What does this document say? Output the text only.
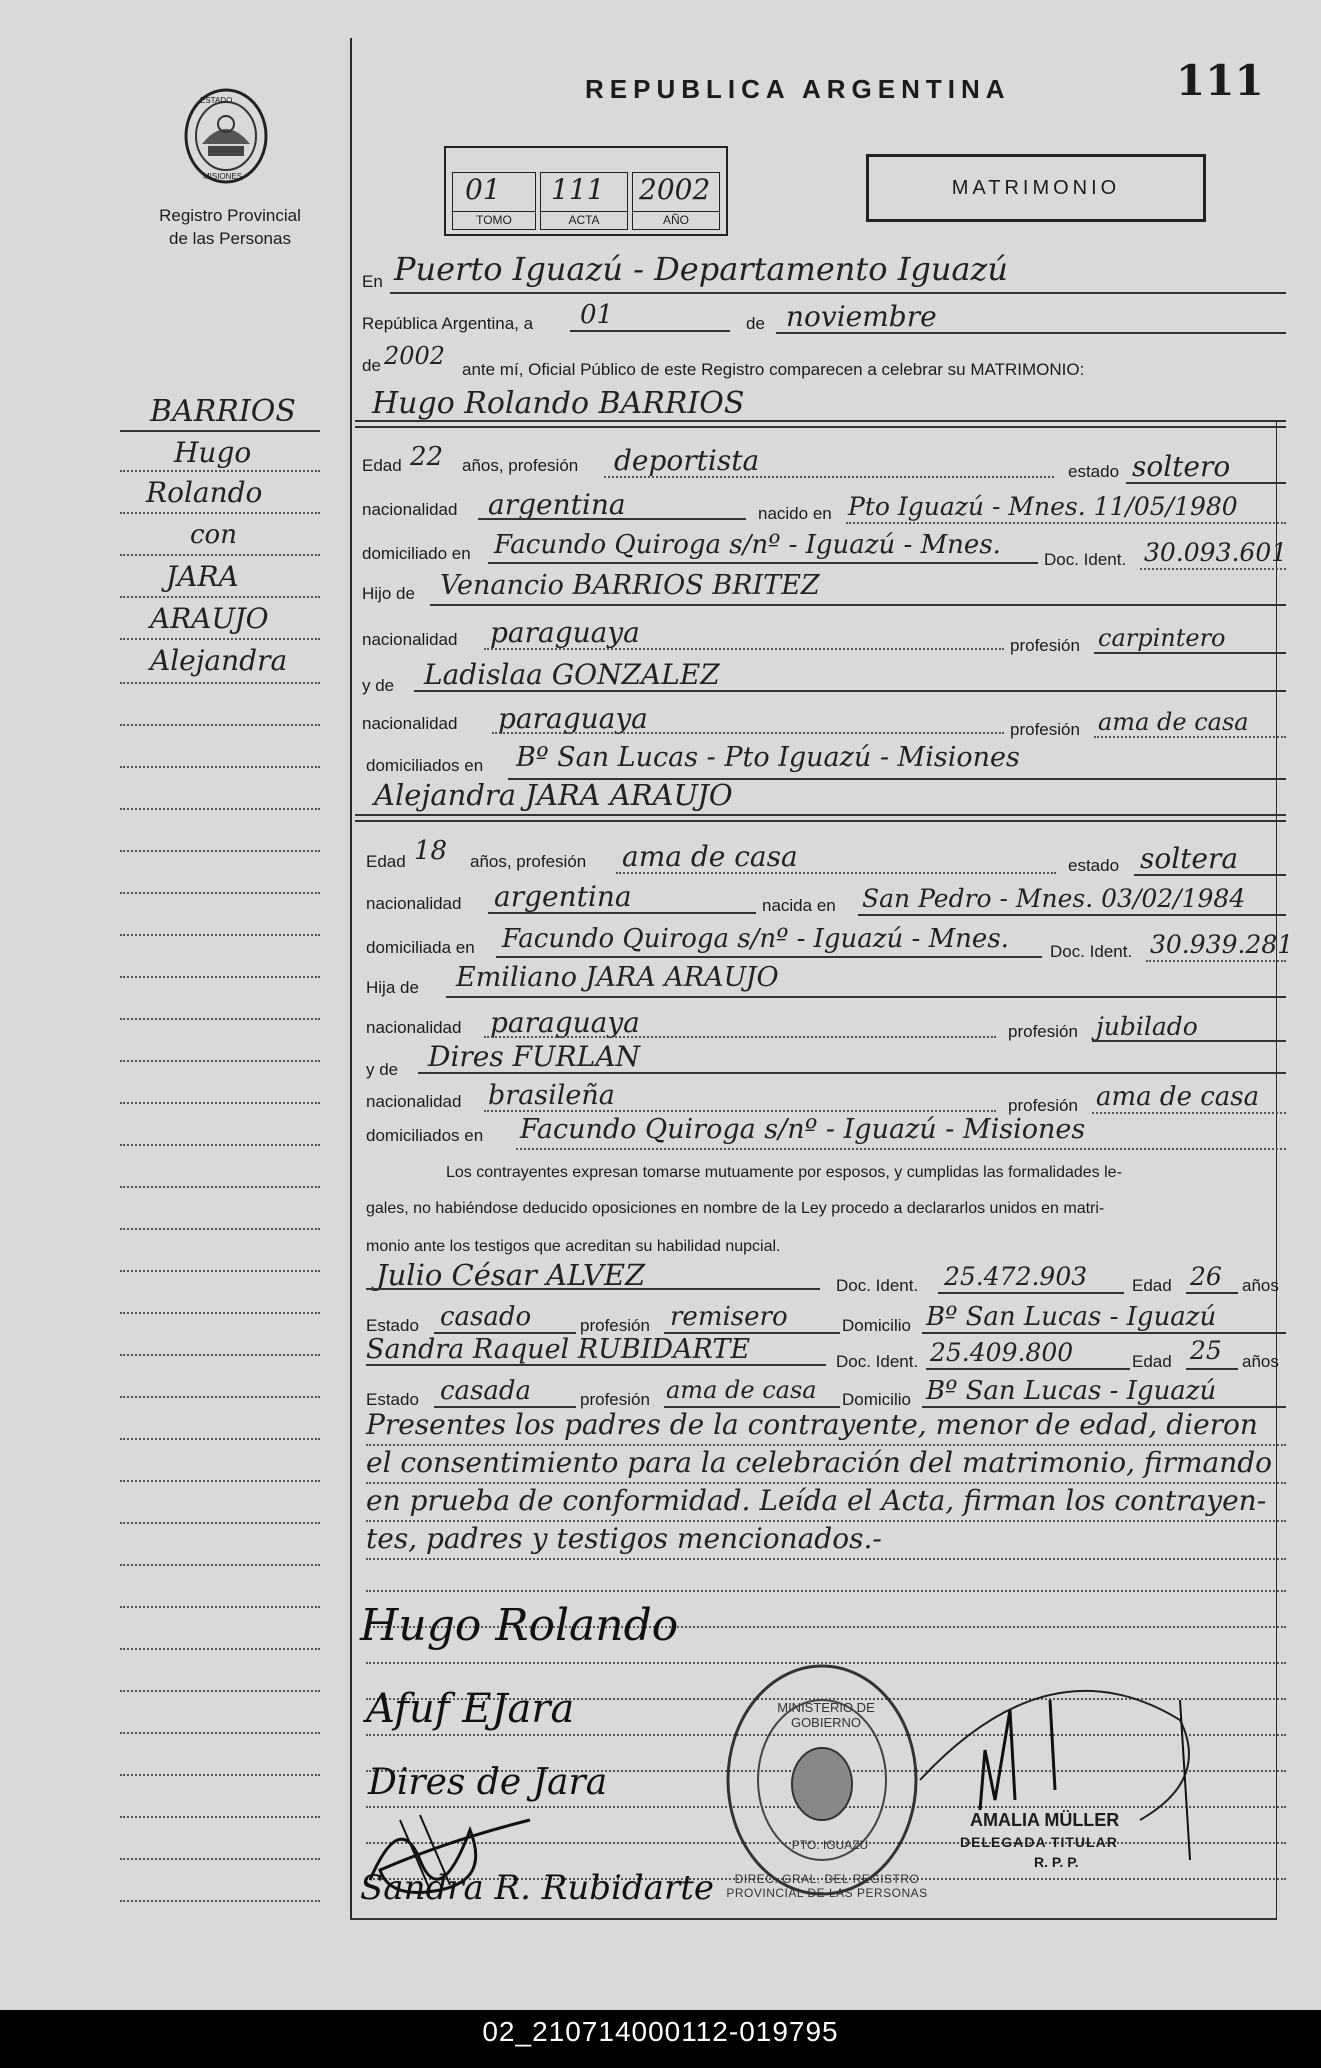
ESTADO
MISIONES
Registro Provincial
de las Personas
REPUBLICA ARGENTINA	111
01
TOMO
111
ACTA
2002
AÑO
MATRIMONIO
En Puerto Iguazú - Departamento Iguazú
República Argentina, a 01	de noviembre
de 2002 ante mí, Oficial Público de este Registro comparecen a celebrar su MATRIMONIO:
Hugo Rolando BARRIOS
Edad 22 años, profesión deportista	estado soltero
nacionalidad argentina	nacido en Pto Iguazú - Mnes. 11/05/1980
domiciliado en Facundo Quiroga s/nº - Iguazú - Mnes.	Doc. Ident. 30.093.601
Hijo de Venancio BARRIOS BRITEZ
nacionalidad paraguaya	profesión carpintero
y de Ladislaa GONZALEZ
nacionalidad paraguaya	profesión ama de casa
domiciliados en Bº San Lucas - Pto Iguazú - Misiones
Alejandra JARA ARAUJO
Edad 18 años, profesión ama de casa	estado soltera
nacionalidad argentina	nacida en San Pedro - Mnes. 03/02/1984
domiciliada en Facundo Quiroga s/nº - Iguazú - Mnes. Doc. Ident. 30.939.281
Hija de Emiliano JARA ARAUJO
nacionalidad paraguaya	profesión jubilado
y de Dires FURLAN
nacionalidad brasileña	profesión ama de casa
domiciliados en Facundo Quiroga s/nº - Iguazú - Misiones
Los contrayentes expresan tomarse mutuamente por esposos, y cumplidas las formalidades le-
gales, no habiéndose deducido oposiciones en nombre de la Ley procedo a declararlos unidos en matri-
monio ante los testigos que acreditan su habilidad nupcial.
Julio César ALVEZ	Doc. Ident. 25.472.903	Edad 26 años
Estado casado	profesión remisero	Domicilio Bº San Lucas - Iguazú
Sandra Raquel RUBIDARTE	Doc. Ident. 25.409.800	Edad 25 años
Estado casada	profesión ama de casa Domicilio Bº San Lucas - Iguazú
Presentes los padres de la contrayente, menor de edad, dieron
el consentimiento para la celebración del matrimonio, firmando
en prueba de conformidad. Leída el Acta, firman los contrayen-
tes, padres y testigos mencionados.-
Hugo Rolando
Afuf EJara
Dires de Jara
Sandra R. Rubidarte
MINISTERIO DE GOBIERNO
PTO. IGUAZU
DIREC. GRAL. DEL REGISTRO PROVINCIAL DE LAS PERSONAS
AMALIA MÜLLER
DELEGADA TITULAR
R. P. P.
BARRIOS
Hugo
Rolando
con
JARA
ARAUJO
Alejandra
02_210714000112-019795
